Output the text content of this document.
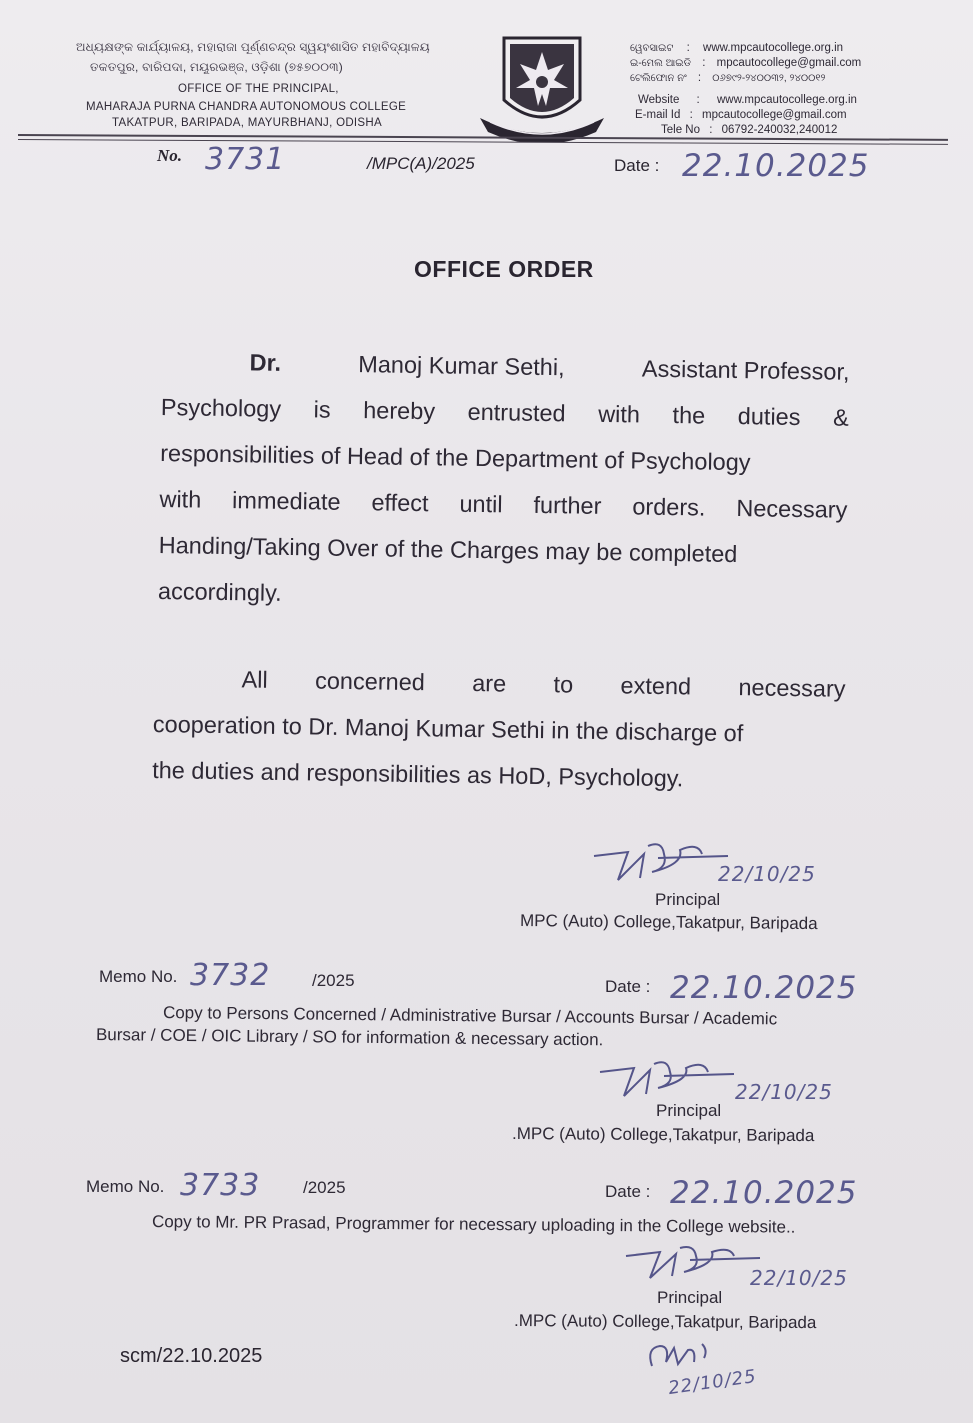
ଅଧ୍ୟକ୍ଷଙ୍କ କାର୍ଯ୍ୟାଳୟ, ମହାରାଜା ପୂର୍ଣ୍ଣଚନ୍ଦ୍ର ସ୍ୱୟଂଶାସିତ ମହାବିଦ୍ୟାଳୟ
ତକତପୁର, ବାରିପଦା, ମୟୂରଭଞ୍ଜ, ଓଡ଼ିଶା (୭୫୭୦୦୩)
OFFICE OF THE PRINCIPAL,
MAHARAJA PURNA CHANDRA AUTONOMOUS COLLEGE
TAKATPUR, BARIPADA, MAYURBHANJ, ODISHA
ୱେବସାଇଟ : www.mpcautocollege.org.in
ଇ-ମେଲ ଆଇଡି : mpcautocollege@gmail.com
ଟେଲିଫୋନ ନଂ : ୦୬୭୯୨-୨୪୦୦୩୨, ୨୪୦୦୧୨
Website : www.mpcautocollege.org.in
E-mail Id : mpcautocollege@gmail.com
Tele No : 06792-240032,240012
No. 3731	/MPC(A)/2025	Date : 22.10.2025
OFFICE ORDER
Dr.	Manoj Kumar Sethi,	Assistant Professor,
Psychology is hereby entrusted with the duties &
responsibilities of Head of the Department of Psychology
with immediate effect until further orders. Necessary
Handing/Taking Over of the Charges may be completed
accordingly.
All concerned are to extend necessary
cooperation to Dr. Manoj Kumar Sethi in the discharge of
the duties and responsibilities as HoD, Psychology.
22/10/25
Principal
MPC (Auto) College,Takatpur, Baripada
Memo No. 3732 /2025	Date : 22.10.2025
Copy to Persons Concerned / Administrative Bursar / Accounts Bursar / Academic
Bursar / COE / OIC Library / SO for information & necessary action.
22/10/25
Principal
.MPC (Auto) College,Takatpur, Baripada
Memo No. 3733	/2025	Date : 22.10.2025
Copy to Mr. PR Prasad, Programmer for necessary uploading in the College website..
22/10/25
Principal
.MPC (Auto) College,Takatpur, Baripada
scm/22.10.2025
22/10/25
